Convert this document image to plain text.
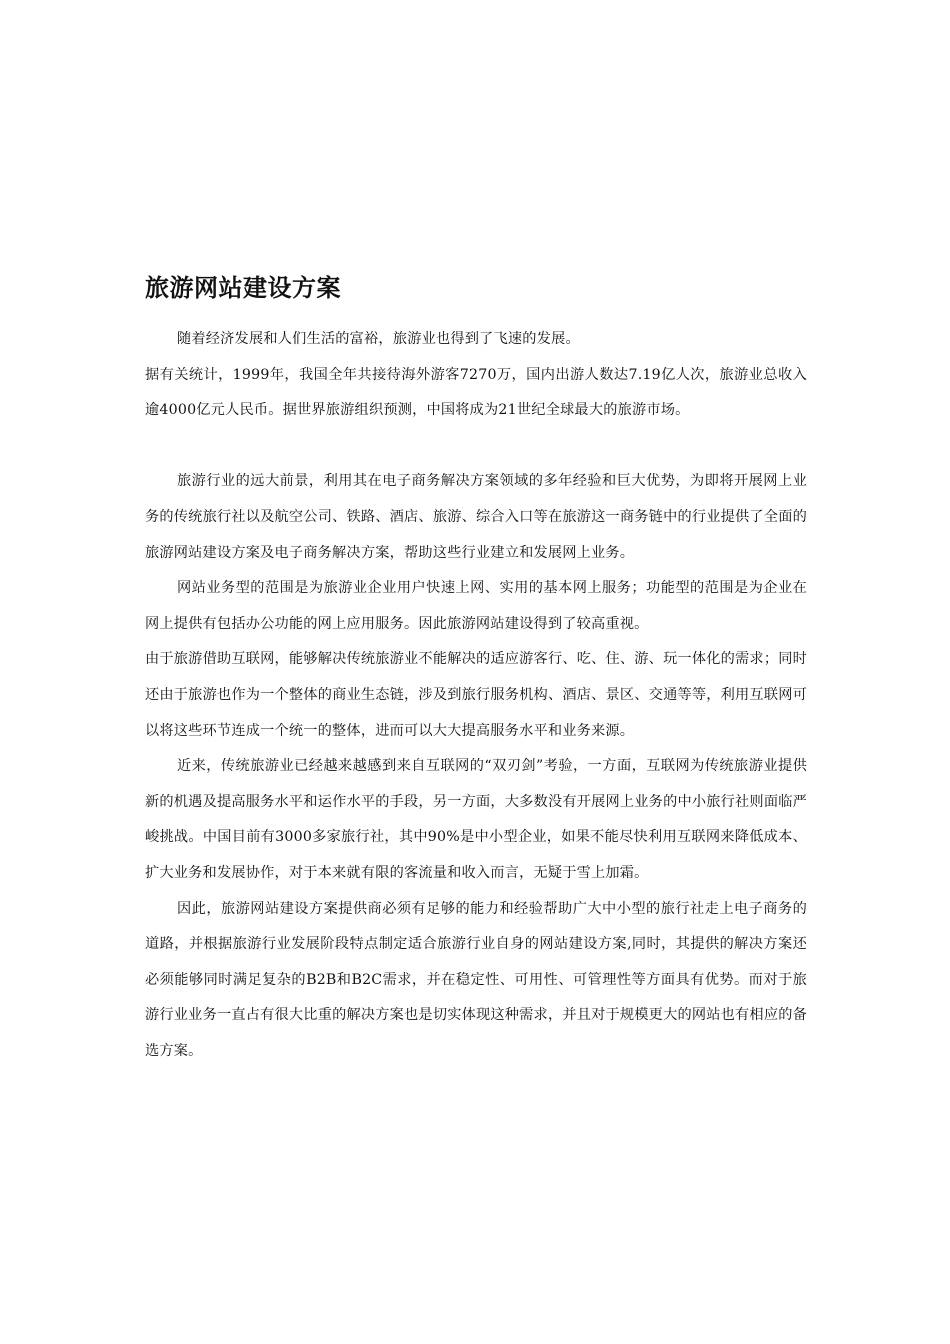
旅游网站建设方案

随着经济发展和人们生活的富裕，旅游业也得到了飞速的发展。

据有关统计，1999年，我国全年共接待海外游客7270万，国内出游人数达7.19亿人次，旅游业总收入逾4000亿元人民币。据世界旅游组织预测，中国将成为21世纪全球最大的旅游市场。

旅游行业的远大前景，利用其在电子商务解决方案领域的多年经验和巨大优势，为即将开展网上业务的传统旅行社以及航空公司、铁路、酒店、旅游、综合入口等在旅游这一商务链中的行业提供了全面的旅游网站建设方案及电子商务解决方案，帮助这些行业建立和发展网上业务。

网站业务型的范围是为旅游业企业用户快速上网、实用的基本网上服务；功能型的范围是为企业在网上提供有包括办公功能的网上应用服务。因此旅游网站建设得到了较高重视。

由于旅游借助互联网，能够解决传统旅游业不能解决的适应游客行、吃、住、游、玩一体化的需求；同时还由于旅游也作为一个整体的商业生态链，涉及到旅行服务机构、酒店、景区、交通等等，利用互联网可以将这些环节连成一个统一的整体，进而可以大大提高服务水平和业务来源。

近来，传统旅游业已经越来越感到来自互联网的“双刃剑”考验，一方面，互联网为传统旅游业提供新的机遇及提高服务水平和运作水平的手段，另一方面，大多数没有开展网上业务的中小旅行社则面临严峻挑战。中国目前有3000多家旅行社，其中90%是中小型企业，如果不能尽快利用互联网来降低成本、扩大业务和发展协作，对于本来就有限的客流量和收入而言，无疑于雪上加霜。

因此，旅游网站建设方案提供商必须有足够的能力和经验帮助广大中小型的旅行社走上电子商务的道路，并根据旅游行业发展阶段特点制定适合旅游行业自身的网站建设方案,同时，其提供的解决方案还必须能够同时满足复杂的B2B和B2C需求，并在稳定性、可用性、可管理性等方面具有优势。而对于旅游行业业务一直占有很大比重的解决方案也是切实体现这种需求，并且对于规模更大的网站也有相应的备选方案。
